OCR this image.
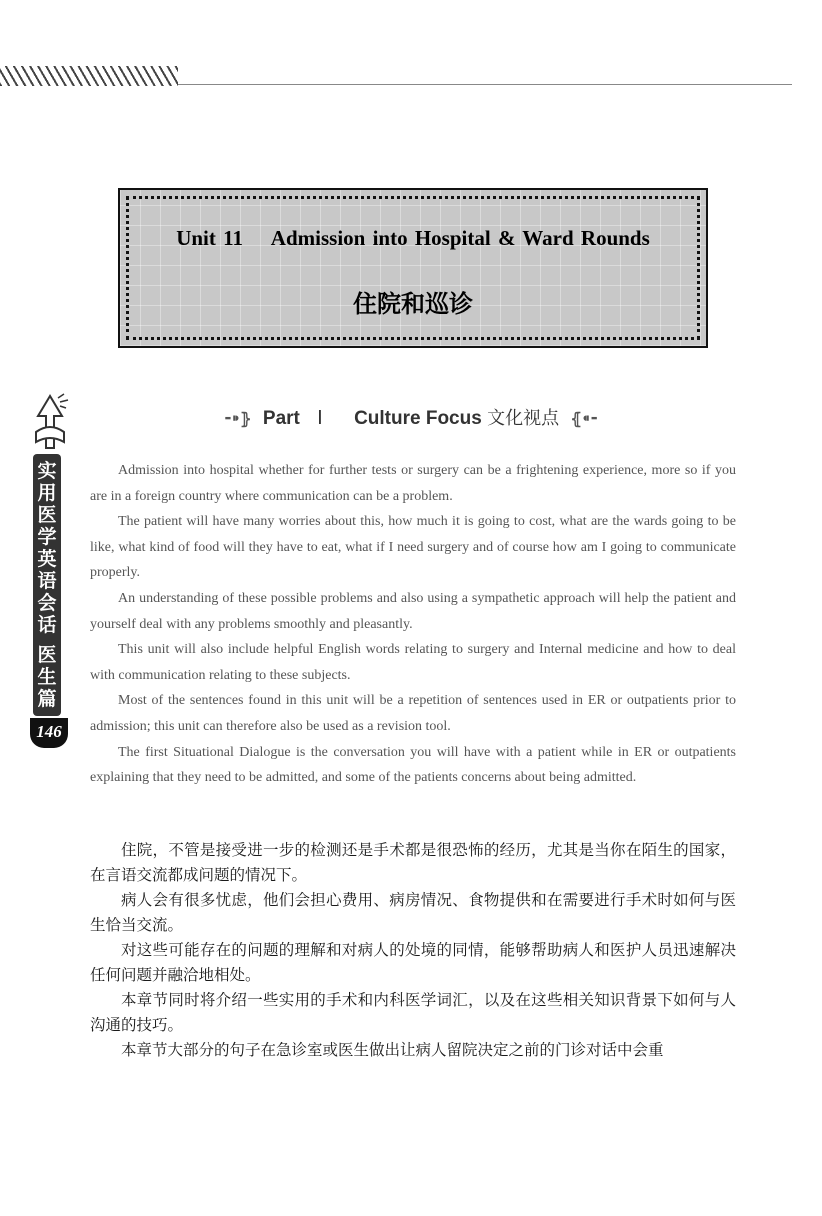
Unit 11    Admission into Hospital & Ward Rounds
住院和巡诊
实用医学英语会话
医生篇
146
⁃⁍⦄ Part Ⅰ Culture Focus 文化视点 ⦃⁌⁃

Admission into hospital whether for further tests or surgery can be a frightening experience, more so if you are in a foreign country where communication can be a problem.

The patient will have many worries about this, how much it is going to cost, what are the wards going to be like, what kind of food will they have to eat, what if I need surgery and of course how am I going to communicate properly.

An understanding of these possible problems and also using a sympathetic approach will help the patient and yourself deal with any problems smoothly and pleasantly.

This unit will also include helpful English words relating to surgery and Internal medicine and how to deal with communication relating to these subjects.

Most of the sentences found in this unit will be a repetition of sentences used in ER or outpatients prior to admission; this unit can therefore also be used as a revision tool.

The first Situational Dialogue is the conversation you will have with a patient while in ER or outpatients explaining that they need to be admitted, and some of the patients concerns about being admitted.

住院，不管是接受进一步的检测还是手术都是很恐怖的经历，尤其是当你在陌生的国家，在言语交流都成问题的情况下。

病人会有很多忧虑，他们会担心费用、病房情况、食物提供和在需要进行手术时如何与医生恰当交流。

对这些可能存在的问题的理解和对病人的处境的同情，能够帮助病人和医护人员迅速解决任何问题并融洽地相处。

本章节同时将介绍一些实用的手术和内科医学词汇，以及在这些相关知识背景下如何与人沟通的技巧。

本章节大部分的句子在急诊室或医生做出让病人留院决定之前的门诊对话中会重
